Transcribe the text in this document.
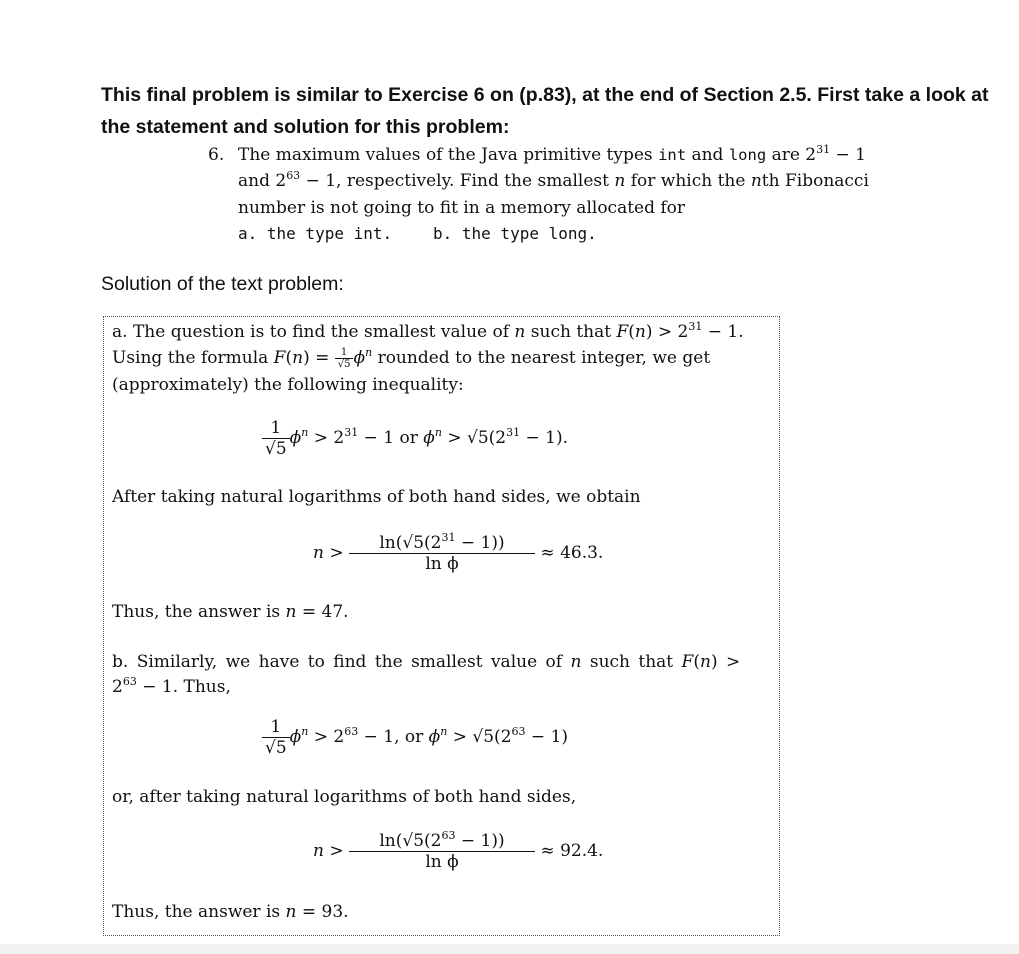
This final problem is similar to Exercise 6 on (p.83), at the end of Section 2.5. First take a look at
the statement and solution for this problem:
6. The maximum values of the Java primitive types int and long are $2^{31} - 1$
and $2^{63} - 1$, respectively. Find the smallest n for which the nth Fibonacci
number is not going to fit in a memory allocated for
a. the type int.	b. the type long.
Solution of the text problem:
a. The question is to find the smallest value of n such that $F(n) > 2^{31} - 1$.
Using the formula $F(n) = \frac{1}{√5} \phi^n$ rounded to the nearest integer, we get
(approximately) the following inequality:
$\frac{1}{√5} \phi^n > 2^{31} - 1$ or $\phi^n > √5(2^{31} - 1)$.
After taking natural logarithms of both hand sides, we obtain
$n > \frac{\ln(√5(2^{31} - 1))}{\text{ln ϕ}} \approx 46.3$.
Thus, the answer is n = 47.
b. Similarly, we have to find the smallest value of n such that F(n) >
$2^{63} - 1$. Thus,
$\frac{1}{√5} \phi^n > 2^{63} - 1$, or $\phi^n > √5(2^{63} - 1)$
or, after taking natural logarithms of both hand sides,
$n > \frac{\ln(√5(2^{63} - 1))}{\text{ln ϕ}} \approx 92.4$.
Thus, the answer is n = 93.
